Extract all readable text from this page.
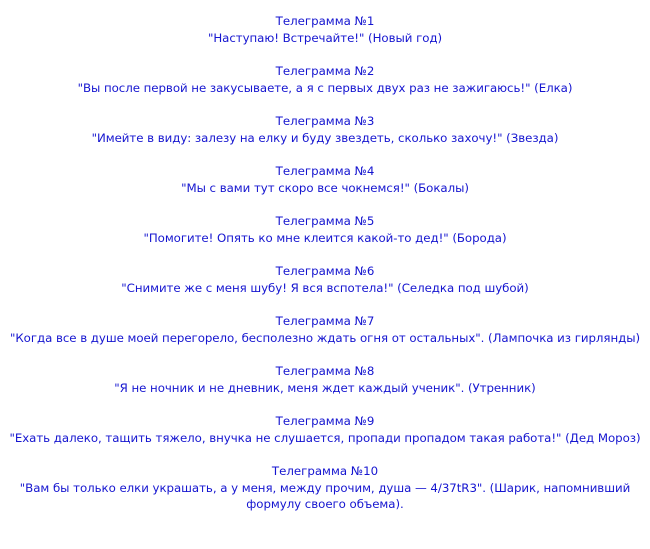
Телеграмма №1

"Наступаю! Встречайте!" (Новый год)

Телеграмма №2

"Вы после первой не закусываете, а я с первых двух раз не зажигаюсь!" (Елка)

Телеграмма №3

"Имейте в виду: залезу на елку и буду звездеть, сколько захочу!" (Звезда)

Телеграмма №4

"Мы с вами тут скоро все чокнемся!" (Бокалы)

Телеграмма №5

"Помогите! Опять ко мне клеится какой-то дед!" (Борода)

Телеграмма №6

"Снимите же с меня шубу! Я вся вспотела!" (Селедка под шубой)

Телеграмма №7

"Когда все в душе моей перегорело, бесполезно ждать огня от остальных". (Лампочка из гирлянды)

Телеграмма №8

"Я не ночник и не дневник, меня ждет каждый ученик". (Утренник)

Телеграмма №9

"Ехать далеко, тащить тяжело, внучка не слушается, пропади пропадом такая работа!" (Дед Мороз)

Телеграмма №10

"Вам бы только елки украшать, а у меня, между прочим, душа — 4/37tR3". (Шарик, напомнивший формулу своего объема).
